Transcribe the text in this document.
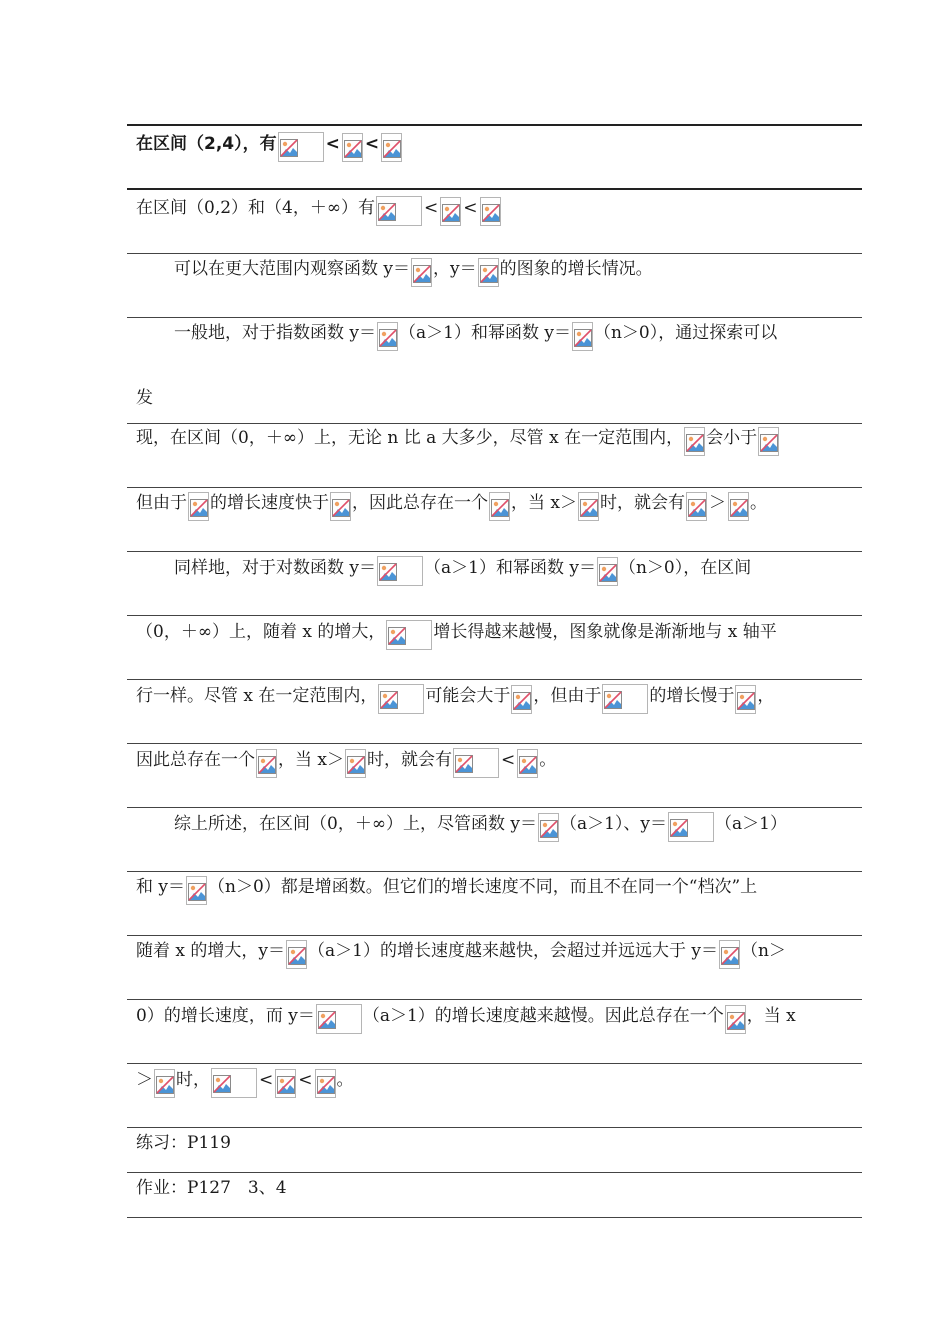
在区间（2,4），有	< <
在区间（0,2）和（4，＋∞）有	< <
可以在更大范围内观察函数 y＝ ，y＝ 的图象的增长情况。
一般地，对于指数函数 y＝ （a＞1）和幂函数 y＝ （n＞0），通过探索可以
发
现，在区间（0，＋∞）上，无论 n 比 a 大多少，尽管 x 在一定范围内， 会小于
但由于 的增长速度快于 ，因此总存在一个 ，当 x＞ 时，就会有 ＞ 。
同样地，对于对数函数 y＝	（a＞1）和幂函数 y＝ （n＞0），在区间
（0，＋∞）上，随着 x 的增大，	增长得越来越慢，图象就像是渐渐地与 x 轴平
行一样。尽管 x 在一定范围内，	可能会大于 ，但由于	的增长慢于 ，
因此总存在一个 ，当 x＞ 时，就会有	< 。
综上所述，在区间（0，＋∞）上，尽管函数 y＝ （a＞1）、y＝	（a＞1）
和 y＝ （n＞0）都是增函数。但它们的增长速度不同，而且不在同一个“档次”上
随着 x 的增大，y＝ （a＞1）的增长速度越来越快，会超过并远远大于 y＝ （n＞
0）的增长速度，而 y＝	（a＞1）的增长速度越来越慢。因此总存在一个 ，当 x
＞ 时，	< < 。
练习：P119
作业：P127　3、4
